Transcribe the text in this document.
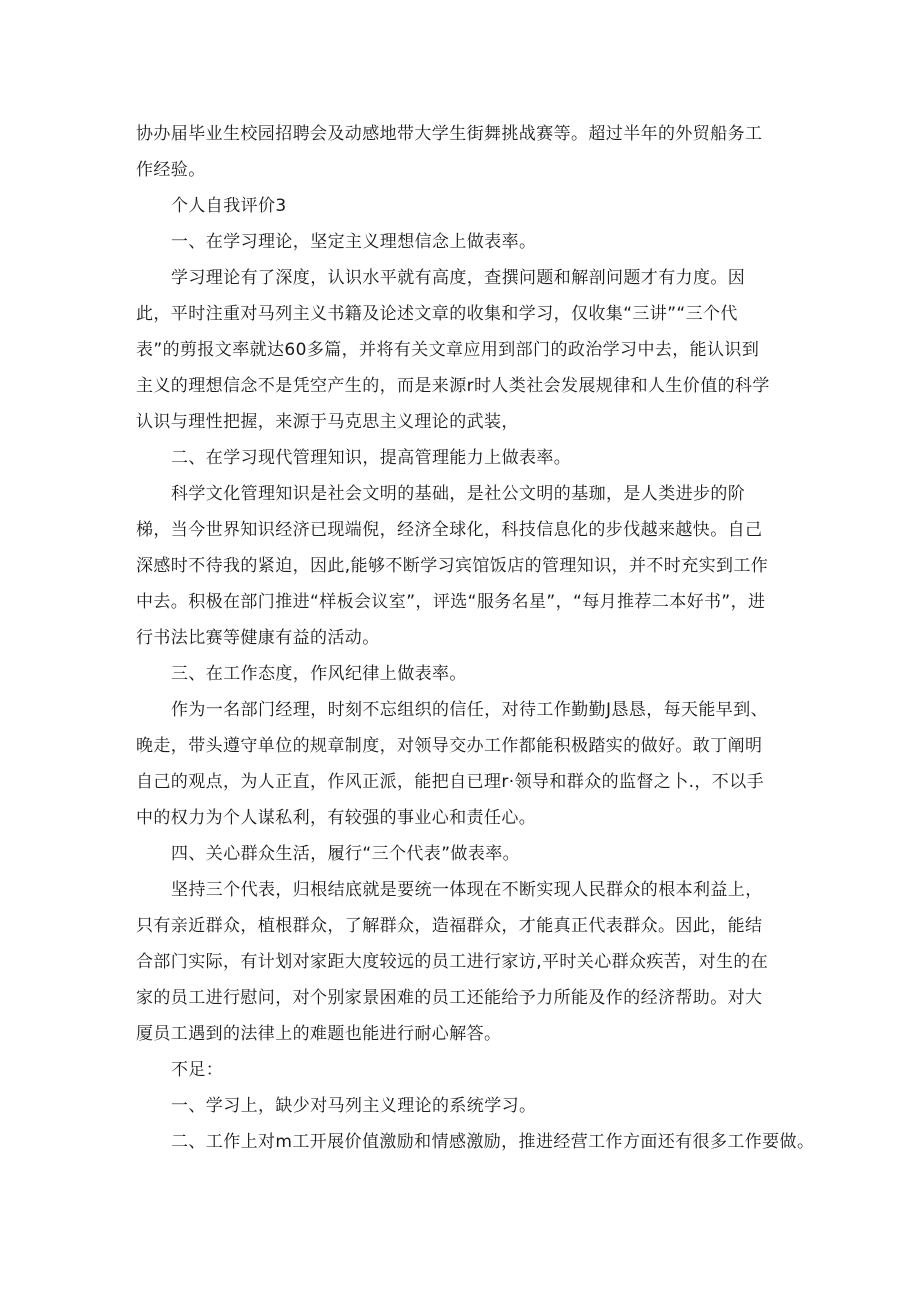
协办届毕业生校园招聘会及动感地带大学生街舞挑战赛等。超过半年的外贸船务工作经验。

个人自我评价3

一、在学习理论，坚定主义理想信念上做表率。

学习理论有了深度，认识水平就有高度，查撰问题和解剖问题才有力度。因此，平时注重对马列主义书籍及论述文章的收集和学习，仅收集“三讲”“三个代表”的剪报文率就达60多篇，并将有关文章应用到部门的政治学习中去，能认识到主义的理想信念不是凭空产生的，而是来源r时人类社会发展规律和人生价值的科学认识与理性把握，来源于马克思主义理论的武装，

二、在学习现代管理知识，提高管理能力上做表率。

科学文化管理知识是社会文明的基础，是社公文明的基珈，是人类进步的阶梯，当今世界知识经济已现端倪，经济全球化，科技信息化的步伐越来越快。自己深感时不待我的紧迫，因此,能够不断学习宾馆饭店的管理知识，并不时充实到工作中去。积极在部门推进“样板会议室”，评选“服务名星”，“每月推荐二本好书”，进行书法比赛等健康有益的活动。

三、在工作态度，作风纪律上做表率。

作为一名部门经理，时刻不忘组织的信任，对待工作勤勤J恳恳，每天能早到、晚走，带头遵守单位的规章制度，对领导交办工作都能积极踏实的做好。敢丁阐明自己的观点，为人正直，作风正派，能把自已理r·领导和群众的监督之卜.，不以手中的权力为个人谋私利，有较强的事业心和责任心。

四、关心群众生活，履行“三个代表”做表率。

坚持三个代表，归根结底就是要统一体现在不断实现人民群众的根本利益上，只有亲近群众，植根群众，了解群众，造福群众，才能真正代表群众。因此，能结合部门实际，有计划对家距大度较远的员工进行家访,平时关心群众疾苦，对生的在家的员工进行慰问，对个别家景困难的员工还能给予力所能及作的经济帮助。对大厦员工遇到的法律上的难题也能进行耐心解答。

不足：

一、学习上，缺少对马列主义理论的系统学习。

二、工作上对m工开展价值激励和情感激励，推进经营工作方面还有很多工作要做。
